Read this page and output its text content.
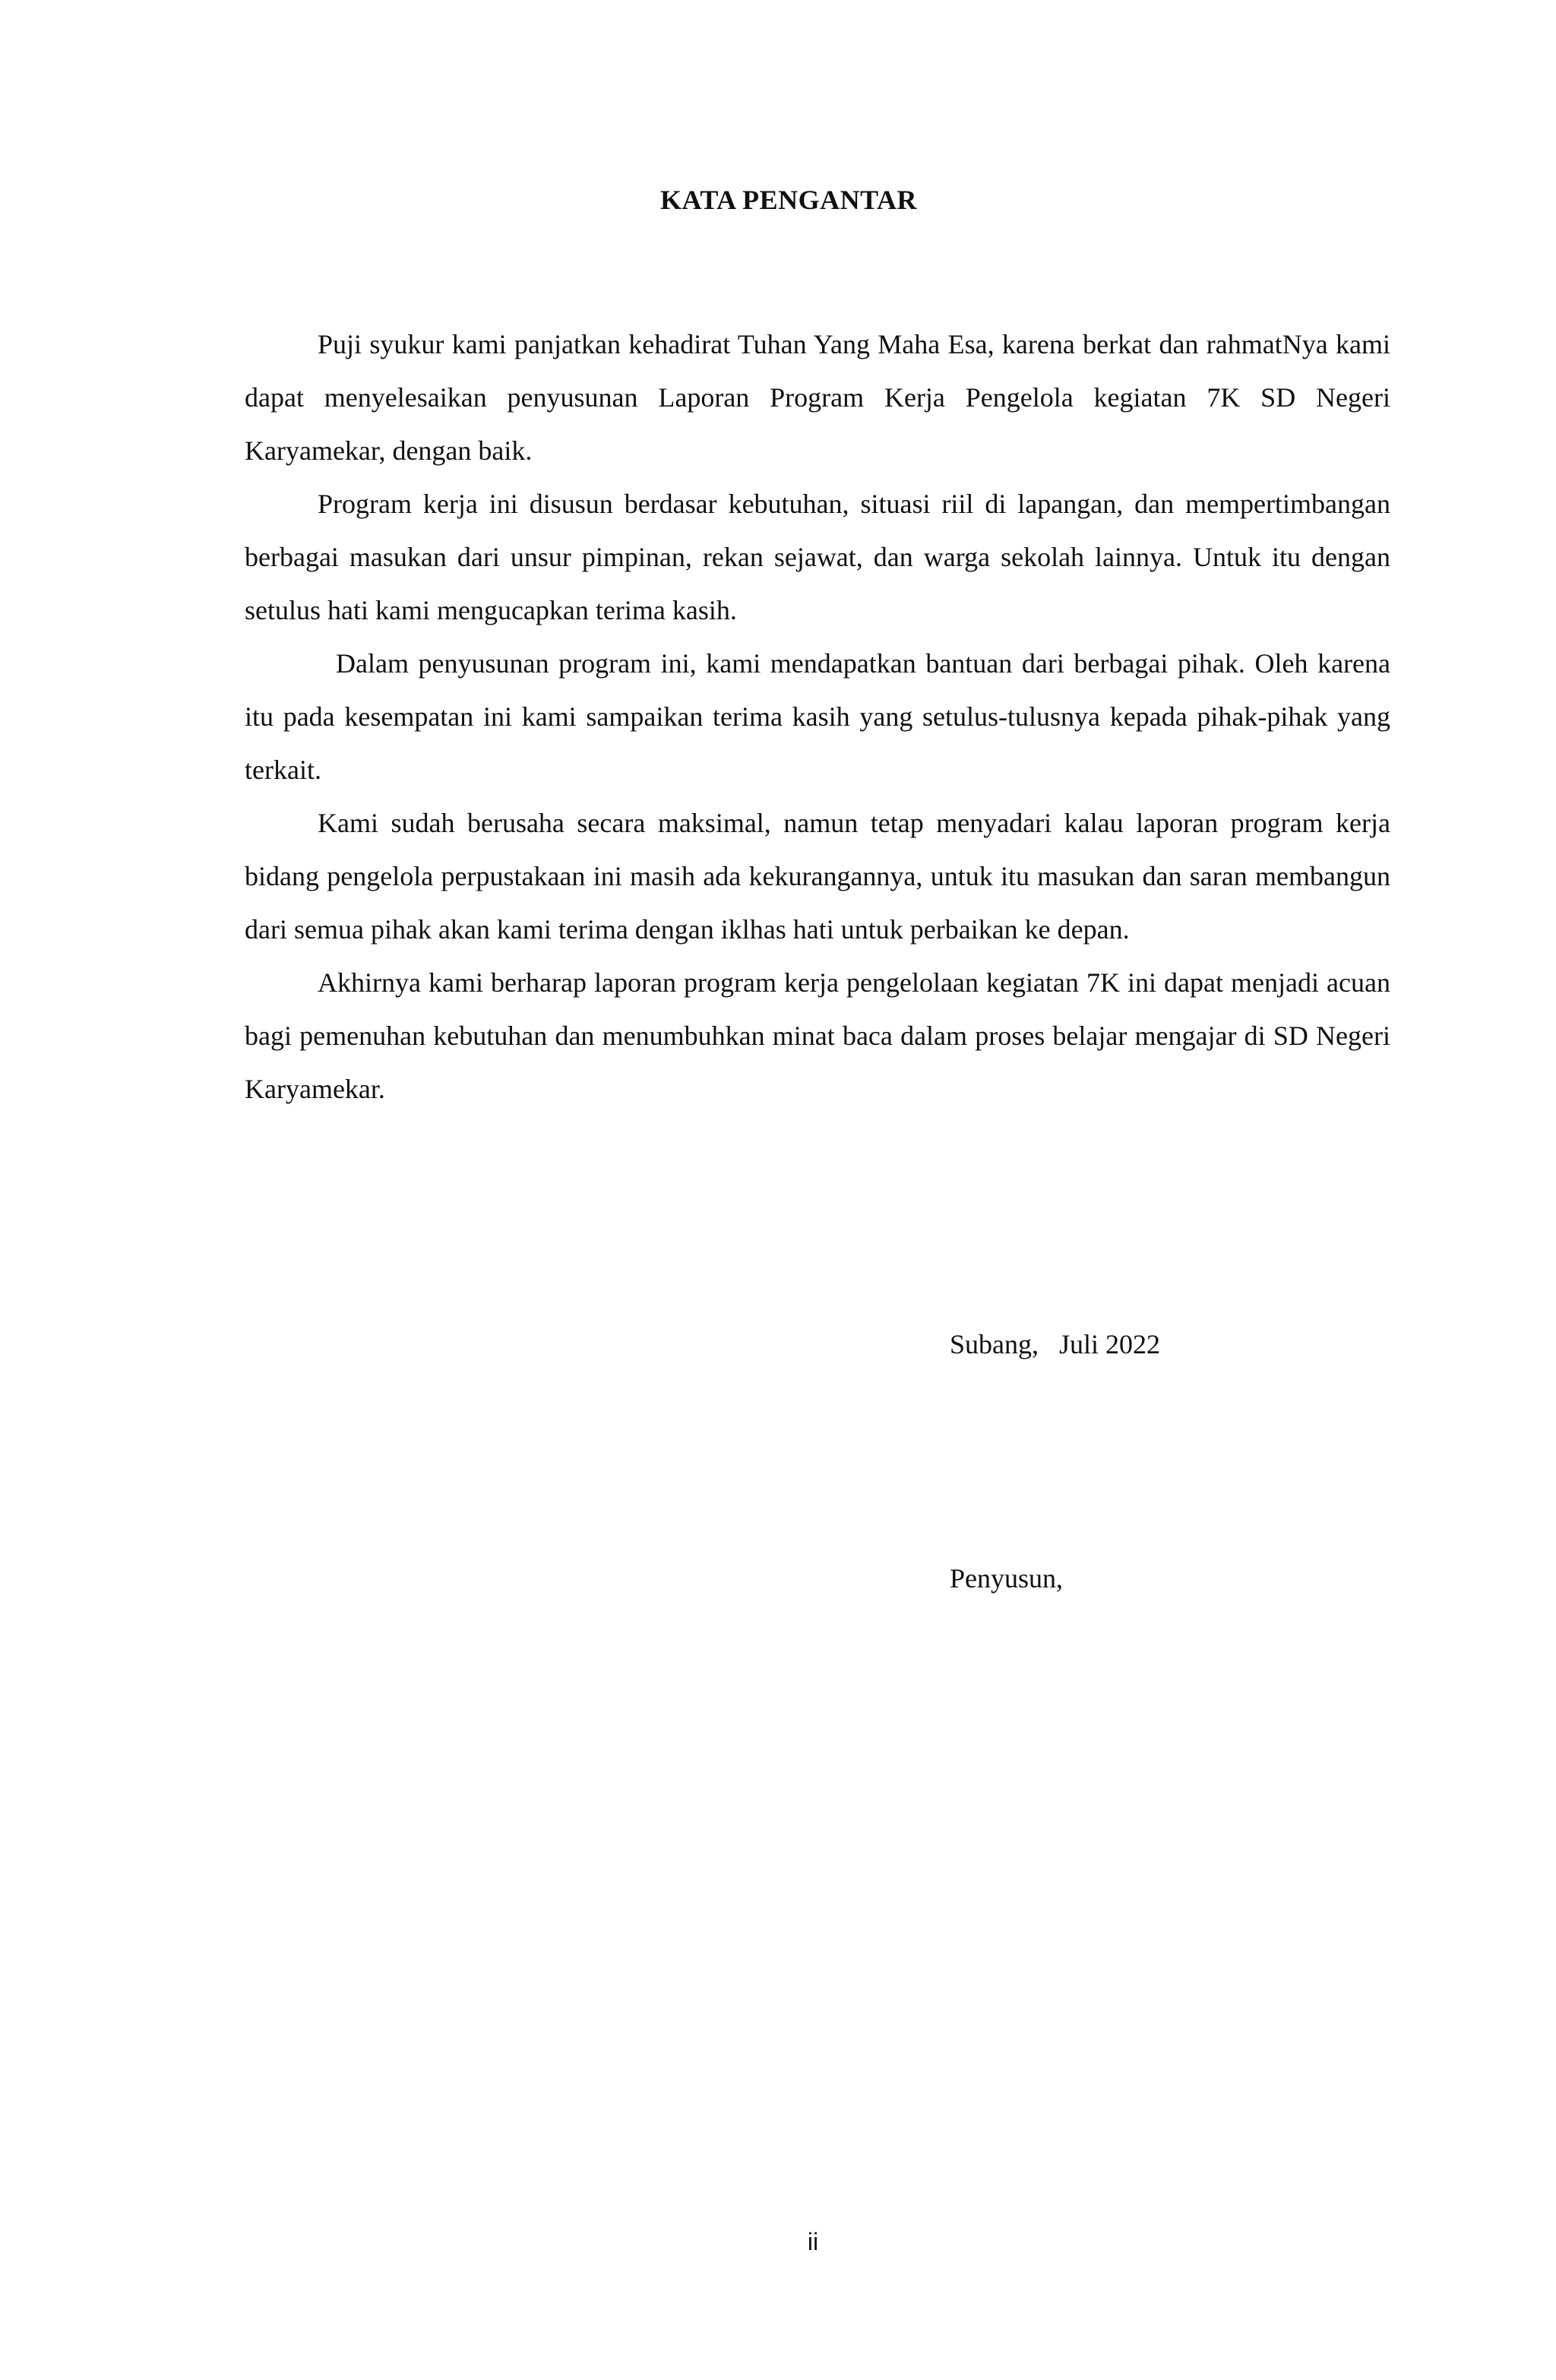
KATA PENGANTAR

Puji syukur kami panjatkan kehadirat Tuhan Yang Maha Esa, karena berkat dan rahmatNya kami dapat menyelesaikan penyusunan Laporan Program Kerja Pengelola kegiatan 7K SD Negeri Karyamekar, dengan baik.

Program kerja ini disusun berdasar kebutuhan, situasi riil di lapangan, dan mempertimbangan berbagai masukan dari unsur pimpinan, rekan sejawat, dan warga sekolah lainnya. Untuk itu dengan setulus hati kami mengucapkan terima kasih.

Dalam penyusunan program ini, kami mendapatkan bantuan dari berbagai pihak. Oleh karena itu pada kesempatan ini kami sampaikan terima kasih yang setulus-tulusnya kepada pihak-pihak yang terkait.

Kami sudah berusaha secara maksimal, namun tetap menyadari kalau laporan program kerja bidang pengelola perpustakaan ini masih ada kekurangannya, untuk itu masukan dan saran membangun dari semua pihak akan kami terima dengan iklhas hati untuk perbaikan ke depan.

Akhirnya kami berharap laporan program kerja pengelolaan kegiatan 7K ini dapat menjadi acuan bagi pemenuhan kebutuhan dan menumbuhkan minat baca dalam proses belajar mengajar di SD Negeri Karyamekar.

Subang,   Juli 2022
Penyusun,
ii
